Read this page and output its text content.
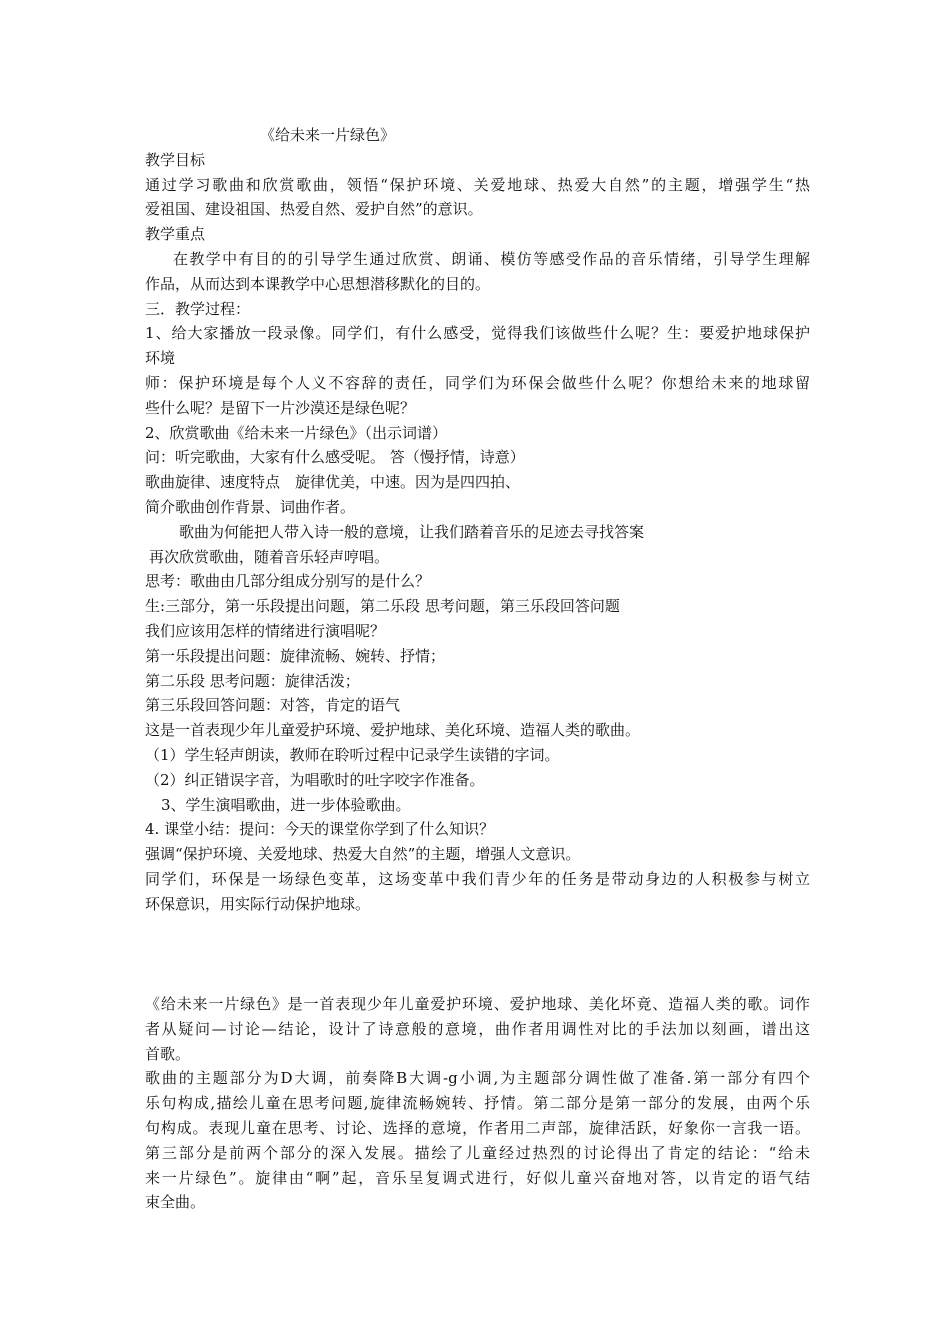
《给未来一片绿色》
教学目标
通过学习歌曲和欣赏歌曲，领悟“保护环境、关爱地球、热爱大自然”的主题，增强学生“热
爱祖国、建设祖国、热爱自然、爱护自然”的意识。
教学重点
在教学中有目的的引导学生通过欣赏、朗诵、模仿等感受作品的音乐情绪，引导学生理解
作品，从而达到本课教学中心思想潜移默化的目的。
三．教学过程：
1、给大家播放一段录像。同学们，有什么感受，觉得我们该做些什么呢？生：要爱护地球保护
环境
师：保护环境是每个人义不容辞的责任，同学们为环保会做些什么呢？你想给未来的地球留
些什么呢？是留下一片沙漠还是绿色呢？
2、欣赏歌曲《给未来一片绿色》（出示词谱）
问：听完歌曲，大家有什么感受呢。 答（慢抒情，诗意）
歌曲旋律、速度特点　旋律优美，中速。因为是四四拍、
简介歌曲创作背景、词曲作者。
歌曲为何能把人带入诗一般的意境，让我们踏着音乐的足迹去寻找答案
再次欣赏歌曲，随着音乐轻声哼唱。
思考：歌曲由几部分组成分别写的是什么？
生:三部分，第一乐段提出问题，第二乐段 思考问题，第三乐段回答问题
我们应该用怎样的情绪进行演唱呢？
第一乐段提出问题：旋律流畅、婉转、抒情；
第二乐段 思考问题：旋律活泼；
第三乐段回答问题：对答，肯定的语气
这是一首表现少年儿童爱护环境、爱护地球、美化环境、造福人类的歌曲。
（1）学生轻声朗读，教师在聆听过程中记录学生读错的字词。
（2）纠正错误字音，为唱歌时的吐字咬字作准备。
3、学生演唱歌曲，进一步体验歌曲。
4. 课堂小结：提问：今天的课堂你学到了什么知识？
强调“保护环境、关爱地球、热爱大自然”的主题，增强人文意识。
同学们，环保是一场绿色变革，这场变革中我们青少年的任务是带动身边的人积极参与树立
环保意识，用实际行动保护地球。
《给未来一片绿色》是一首表现少年儿童爱护环境、爱护地球、美化坏竟、造福人类的歌。词作
者从疑问—讨论—结论，设计了诗意般的意境，曲作者用调性对比的手法加以刻画，谱出这
首歌。
歌曲的主题部分为D大调，前奏降B大调-g小调,为主题部分调性做了准备.第一部分有四个
乐句构成,描绘儿童在思考问题,旋律流畅婉转、抒情。第二部分是第一部分的发展，由两个乐
句构成。表现儿童在思考、讨论、选择的意境，作者用二声部，旋律活跃，好象你一言我一语。
第三部分是前两个部分的深入发展。描绘了儿童经过热烈的讨论得出了肯定的结论：“给未
来一片绿色”。旋律由“啊”起，音乐呈复调式进行，好似儿童兴奋地对答，以肯定的语气结
束全曲。
